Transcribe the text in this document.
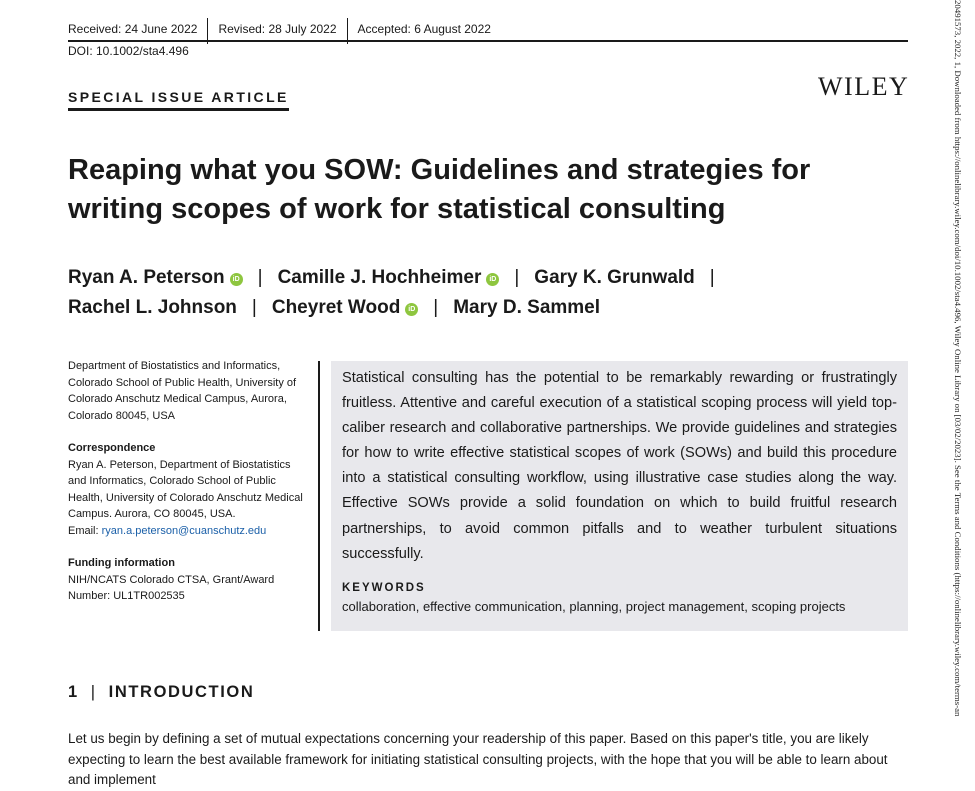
Received: 24 June 2022 Revised: 28 July 2022 Accepted: 6 August 2022
DOI: 10.1002/sta4.496
SPECIAL ISSUE ARTICLE	WILEY
Reaping what you SOW: Guidelines and strategies for writing scopes of work for statistical consulting
Ryan A. Peterson iD | Camille J. Hochheimer iD | Gary K. Grunwald |
Rachel L. Johnson | Cheyret Wood iD | Mary D. Sammel

Department of Biostatistics and Informatics, Colorado School of Public Health, University of Colorado Anschutz Medical Campus, Aurora, Colorado 80045, USA

Correspondence
Ryan A. Peterson, Department of Biostatistics and Informatics, Colorado School of Public Health, University of Colorado Anschutz Medical Campus. Aurora, CO 80045, USA.
Email: ryan.a.peterson@cuanschutz.edu

Funding information
NIH/NCATS Colorado CTSA, Grant/Award Number: UL1TR002535

Statistical consulting has the potential to be remarkably rewarding or frustratingly fruitless. Attentive and careful execution of a statistical scoping process will yield top-caliber research and collaborative partnerships. We provide guidelines and strategies for how to write effective statistical scopes of work (SOWs) and build this procedure into a statistical consulting workflow, using illustrative case studies along the way. Effective SOWs provide a solid foundation on which to build fruitful research partnerships, to avoid common pitfalls and to weather turbulent situations successfully.
KEYWORDS
collaboration, effective communication, planning, project management, scoping projects
1 | INTRODUCTION
Let us begin by defining a set of mutual expectations concerning your readership of this paper. Based on this paper's title, you are likely expecting to learn the best available framework for initiating statistical consulting projects, with the hope that you will be able to learn about and implement
20491573, 2022, 1, Downloaded from https://onlinelibrary.wiley.com/doi/10.1002/sta4.496, Wiley Online Library on [03/02/2023]. See the Terms and Conditions (https://onlinelibrary.wiley.com/terms-an
